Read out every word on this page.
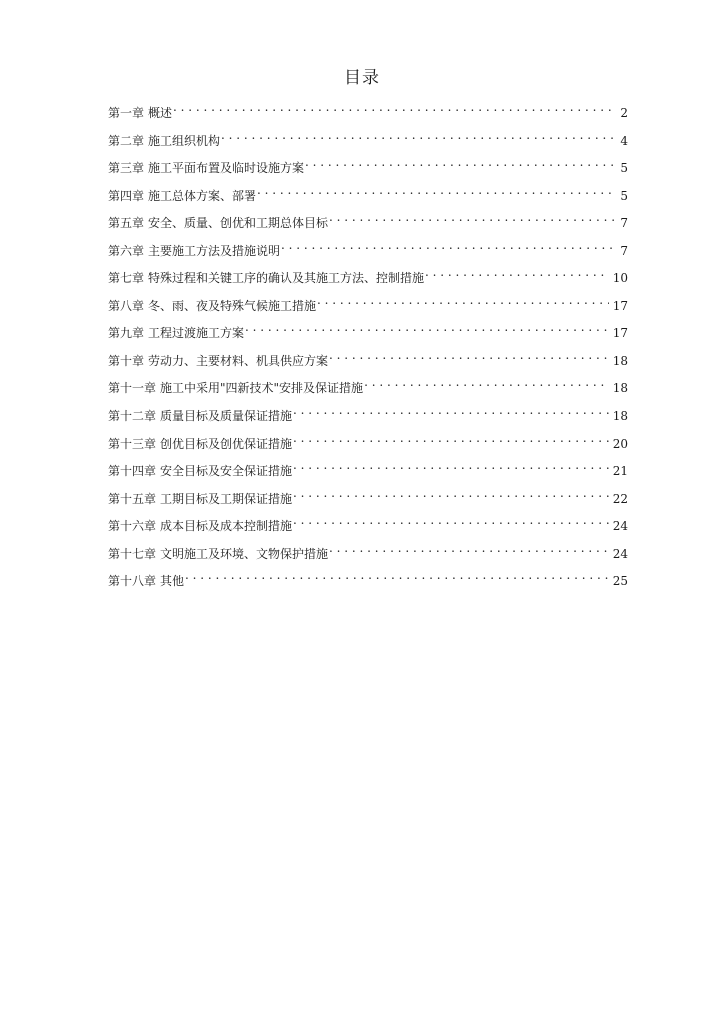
目录
第一章 概述 . . .	2
第二章 施工组织机构 . . .	4
第三章 施工平面布置及临时设施方案 . . .	5
第四章 施工总体方案、部署 . . .	5
第五章 安全、质量、创优和工期总体目标 . . .	7
第六章 主要施工方法及措施说明 . . .	7
第七章 特殊过程和关键工序的确认及其施工方法、控制措施 . . .	10
第八章 冬、雨、夜及特殊气候施工措施 . . .	17
第九章 工程过渡施工方案 . . .	17
第十章 劳动力、主要材料、机具供应方案 . . .	18
第十一章 施工中采用"四新技术"安排及保证措施 . . .	18
第十二章 质量目标及质量保证措施 . . .	18
第十三章 创优目标及创优保证措施 . . .	20
第十四章 安全目标及安全保证措施 . . .	21
第十五章 工期目标及工期保证措施 . . .	22
第十六章 成本目标及成本控制措施 . . .	24
第十七章 文明施工及环境、文物保护措施 . . .	24
第十八章 其他 . . .	25
